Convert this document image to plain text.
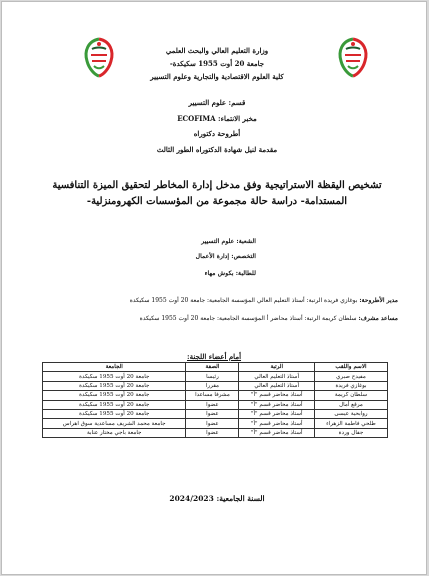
وزارة التعليم العالي والبحث العلمي
جامعة 20 أوت 1955 سكيكدة-
كلية العلوم الاقتصادية والتجارية وعلوم التسيير
قسم: علوم التسيير
مخبر الانتماء: ECOFIMA
أطروحة دكتوراه
مقدمة لنيل شهادة الدكتوراه الطور الثالث
تشخيص اليقظة الاستراتيجية وفق مدخل إدارة المخاطر لتحقيق الميزة التنافسية المستدامة- دراسة حالة مجموعة من المؤسسات الكهرومنزلية-
الشعبة: علوم التسيير
التخصص: إدارة الأعمال
للطالبة: بكوش مهاء
مدير الأطروحة: بوغازي فريدة الرتبة: أستاذ التعليم العالي المؤسسة الجامعية: جامعة 20 أوت 1955 سكيكدة
مساعد مشرف: سلطان كريمة الرتبة: أستاذ محاضر أ المؤسسة الجامعية: جامعة 20 أوت 1955 سكيكدة
أمام أعضاء اللجنة:
الاسم واللقب	الرتبة	الصفة	الجامعة
مفيدح صبري	أستاذ التعليم العالي	رئيسا	جامعة 20 أوت 1955 سكيكدة
بوغازي فريدة	أستاذ التعليم العالي	مقررا	جامعة 20 أوت 1955 سكيكدة
سلطان كريمة	أستاذ محاضر قسم "أ"	مشرفا مساعدا	جامعة 20 أوت 1955 سكيكدة
مرقع أمال	أستاذ محاضر قسم "أ"	عضوا	جامعة 20 أوت 1955 سكيكدة
روابحية عيسى	أستاذ محاضر قسم "أ"	عضوا	جامعة 20 أوت 1955 سكيكدة
طلحي فاطمة الزهراء	أستاذ محاضر قسم "أ"	عضوا	جامعة محمد الشريف مساعدية سوق اهراس
جفال وردة	أستاذ محاضر قسم "أ"	عضوا	جامعة باجي مختار عنابة
السنة الجامعية: 2024/2023
